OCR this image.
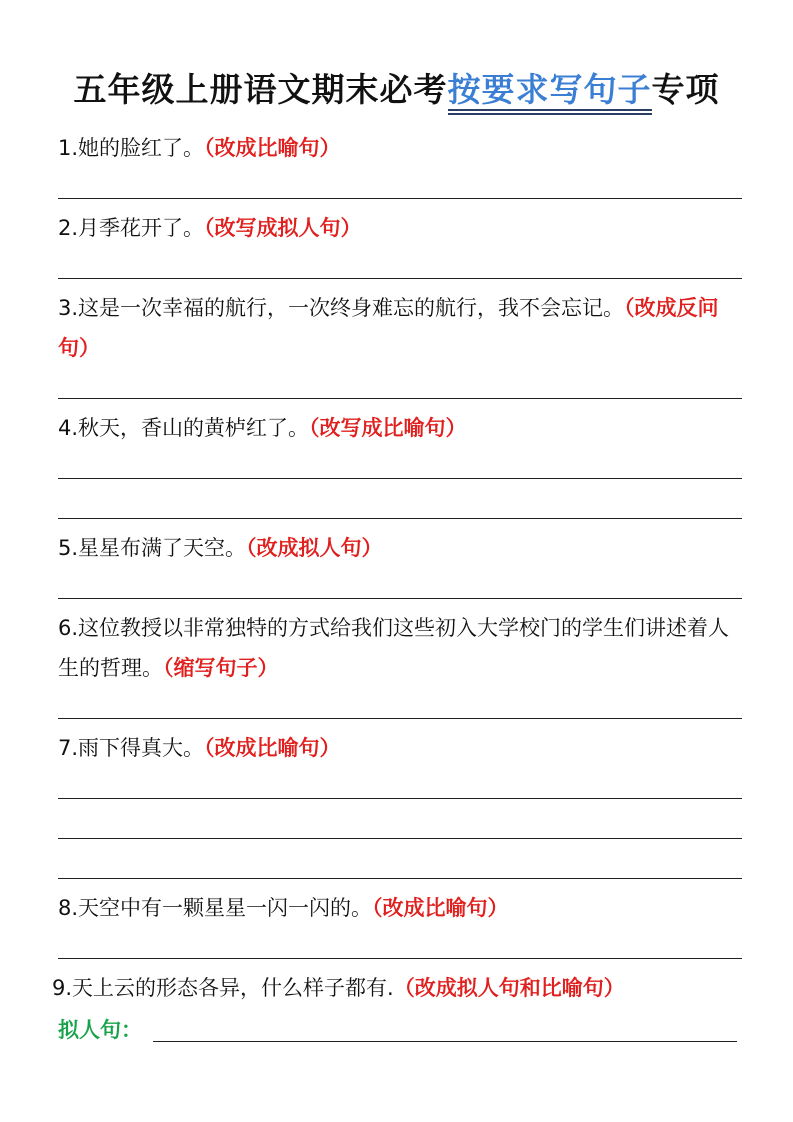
五年级上册语文期末必考按要求写句子专项
1.她的脸红了。（改成比喻句）
2.月季花开了。（改写成拟人句）
3.这是一次幸福的航行，一次终身难忘的航行，我不会忘记。（改成反问句）
4.秋天，香山的黄栌红了。（改写成比喻句）
5.星星布满了天空。（改成拟人句）
6.这位教授以非常独特的方式给我们这些初入大学校门的学生们讲述着人生的哲理。（缩写句子）
7.雨下得真大。（改成比喻句）
8.天空中有一颗星星一闪一闪的。（改成比喻句）
9.天上云的形态各异，什么样子都有.（改成拟人句和比喻句）
拟人句：
